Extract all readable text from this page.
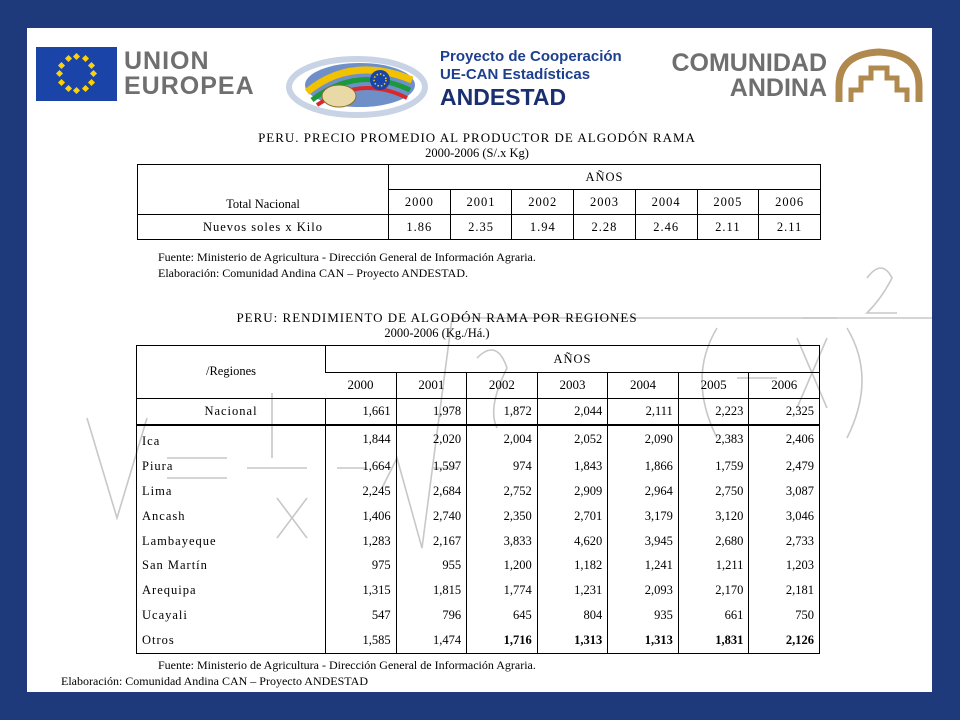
UNION
EUROPEA
Proyecto de Cooperación
UE-CAN Estadísticas
ANDESTAD
COMUNIDAD
ANDINA
PERU. PRECIO PROMEDIO AL PRODUCTOR DE ALGODÓN RAMA
2000-2006 (S/.x Kg)
Total Nacional	AÑOS						
	2000	2001	2002	2003	2004	2005	2006
Nuevos soles x Kilo	1.86	2.35	1.94	2.28	2.46	2.11	2.11
Fuente: Ministerio de Agricultura - Dirección General de Información Agraria.
Elaboración: Comunidad Andina CAN – Proyecto ANDESTAD.
PERU: RENDIMIENTO DE ALGODÓN RAMA POR REGIONES
2000-2006 (Kg./Há.)
/Regiones	AÑOS						
	2000	2001	2002	2003	2004	2005	2006
Nacional	1,661	1,978	1,872	2,044	2,111	2,223	2,325
Ica	1,844	2,020	2,004	2,052	2,090	2,383	2,406
Piura	1,664	1,597	974	1,843	1,866	1,759	2,479
Lima	2,245	2,684	2,752	2,909	2,964	2,750	3,087
Ancash	1,406	2,740	2,350	2,701	3,179	3,120	3,046
Lambayeque	1,283	2,167	3,833	4,620	3,945	2,680	2,733
San Martín	975	955	1,200	1,182	1,241	1,211	1,203
Arequipa	1,315	1,815	1,774	1,231	2,093	2,170	2,181
Ucayali	547	796	645	804	935	661	750
Otros	1,585	1,474	1,716	1,313	1,313	1,831	2,126
Fuente: Ministerio de Agricultura - Dirección General de Información Agraria.
Elaboración: Comunidad Andina CAN – Proyecto ANDESTAD
